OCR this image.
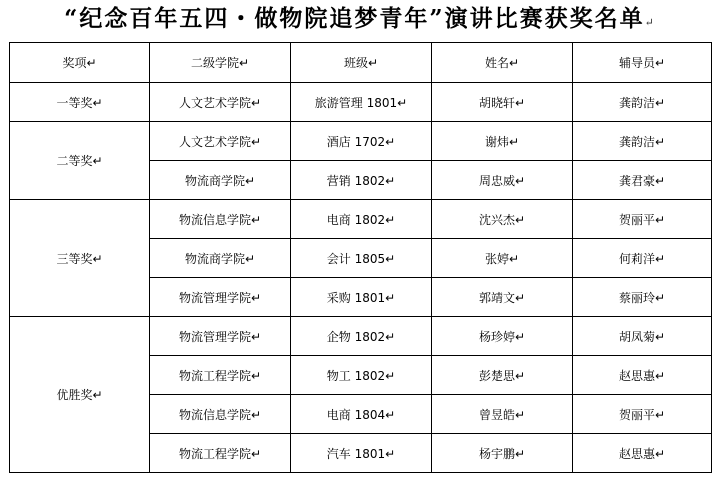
“纪念百年五四・做物院追梦青年”演讲比赛获奖名单↵
奖项↵	二级学院↵	班级↵	姓名↵	辅导员↵
一等奖↵	人文艺术学院↵	旅游管理 1801↵	胡晓轩↵	龚韵洁↵
二等奖↵	人文艺术学院↵	酒店 1702↵	谢炜↵	龚韵洁↵
	物流商学院↵	营销 1802↵	周忠威↵	龚君豪↵
三等奖↵	物流信息学院↵	电商 1802↵	沈兴杰↵	贺丽平↵
	物流商学院↵	会计 1805↵	张婷↵	何莉洋↵
	物流管理学院↵	采购 1801↵	郭靖文↵	蔡丽玲↵
优胜奖↵	物流管理学院↵	企物 1802↵	杨珍婷↵	胡凤菊↵
	物流工程学院↵	物工 1802↵	彭楚思↵	赵思惠↵
	物流信息学院↵	电商 1804↵	曾昱皓↵	贺丽平↵
	物流工程学院↵	汽车 1801↵	杨宇鹏↵	赵思惠↵
